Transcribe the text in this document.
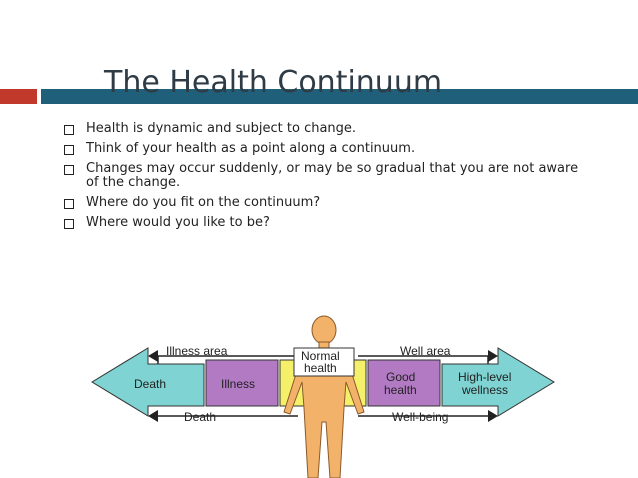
The Health Continuum
Health is dynamic and subject to change.
Think of your health as a point along a continuum.
Changes may occur suddenly, or may be so gradual that you are not aware of the change.
Where do you fit on the continuum?
Where would you like to be?
Illness area	Well area
Death	Well-being
Death	Illness	Good
health
High-level
wellness
Normal
health
